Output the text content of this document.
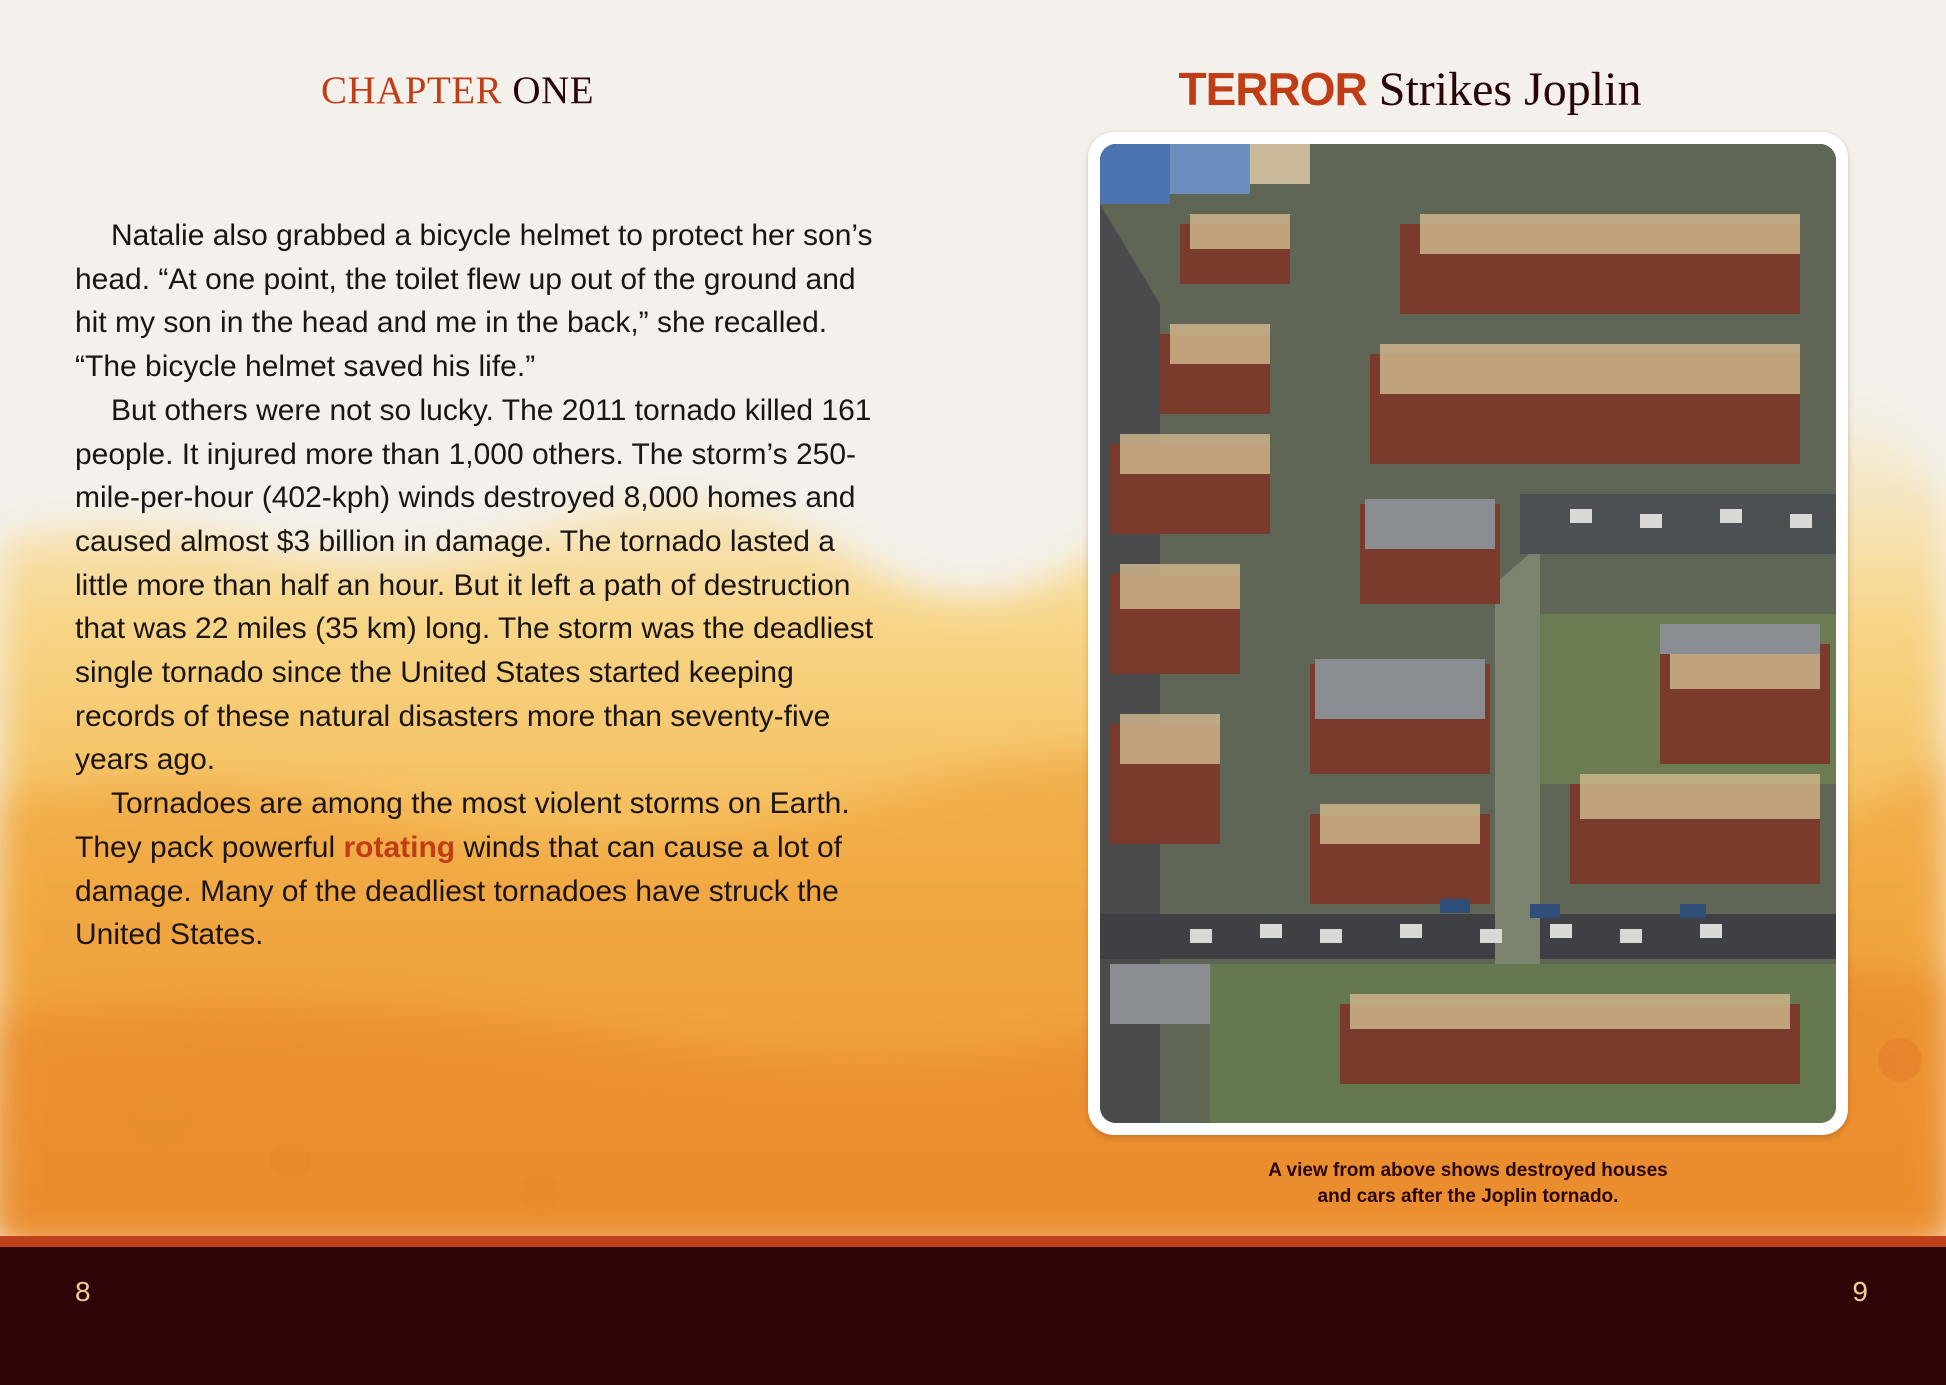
CHAPTER ONE

Natalie also grabbed a bicycle helmet to protect her son’s head. “At one point, the toilet flew up out of the ground and hit my son in the head and me in the back,” she recalled. “The bicycle helmet saved his life.”

But others were not so lucky. The 2011 tornado killed 161 people. It injured more than 1,000 others. The storm’s 250-mile-per-hour (402-kph) winds destroyed 8,000 homes and caused almost $3 billion in damage. The tornado lasted a little more than half an hour. But it left a path of destruction that was 22 miles (35 km) long. The storm was the deadliest single tornado since the United States started keeping records of these natural disasters more than seventy-five years ago.

Tornadoes are among the most violent storms on Earth. They pack powerful rotating winds that can cause a lot of damage. Many of the deadliest tornadoes have struck the United States.

TERROR Strikes Joplin
A view from above shows destroyed houses
and cars after the Joplin tornado.
8	9
